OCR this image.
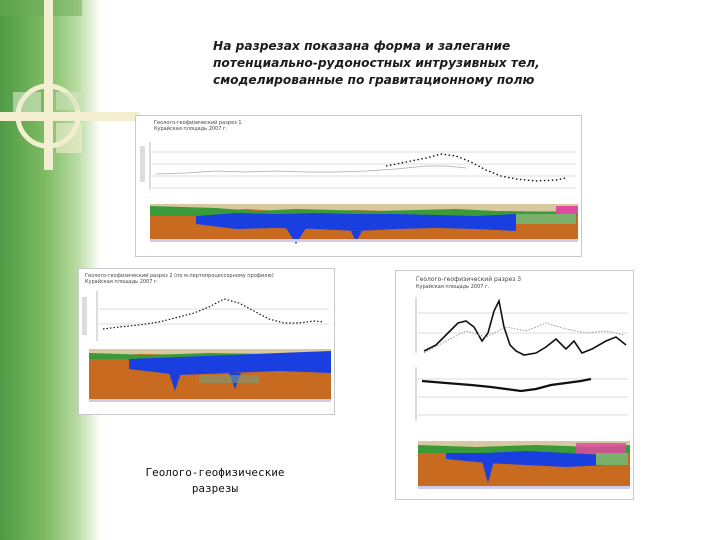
На разрезах показана форма и залегание потенциально-рудоностных интрузивных тел, смоделированные по гравитационному полю
Геолого-геофизический разрез 1
Курайская площадь 2007 г.
Геолого-геофизический разрез 2 (по м.пертопроцессорному профилю)
Курайская площадь 2007 г.	Геолого-геофизический разрез 3
Курайская площадь 2007 г.
Геолого-геофизические
разрезы
